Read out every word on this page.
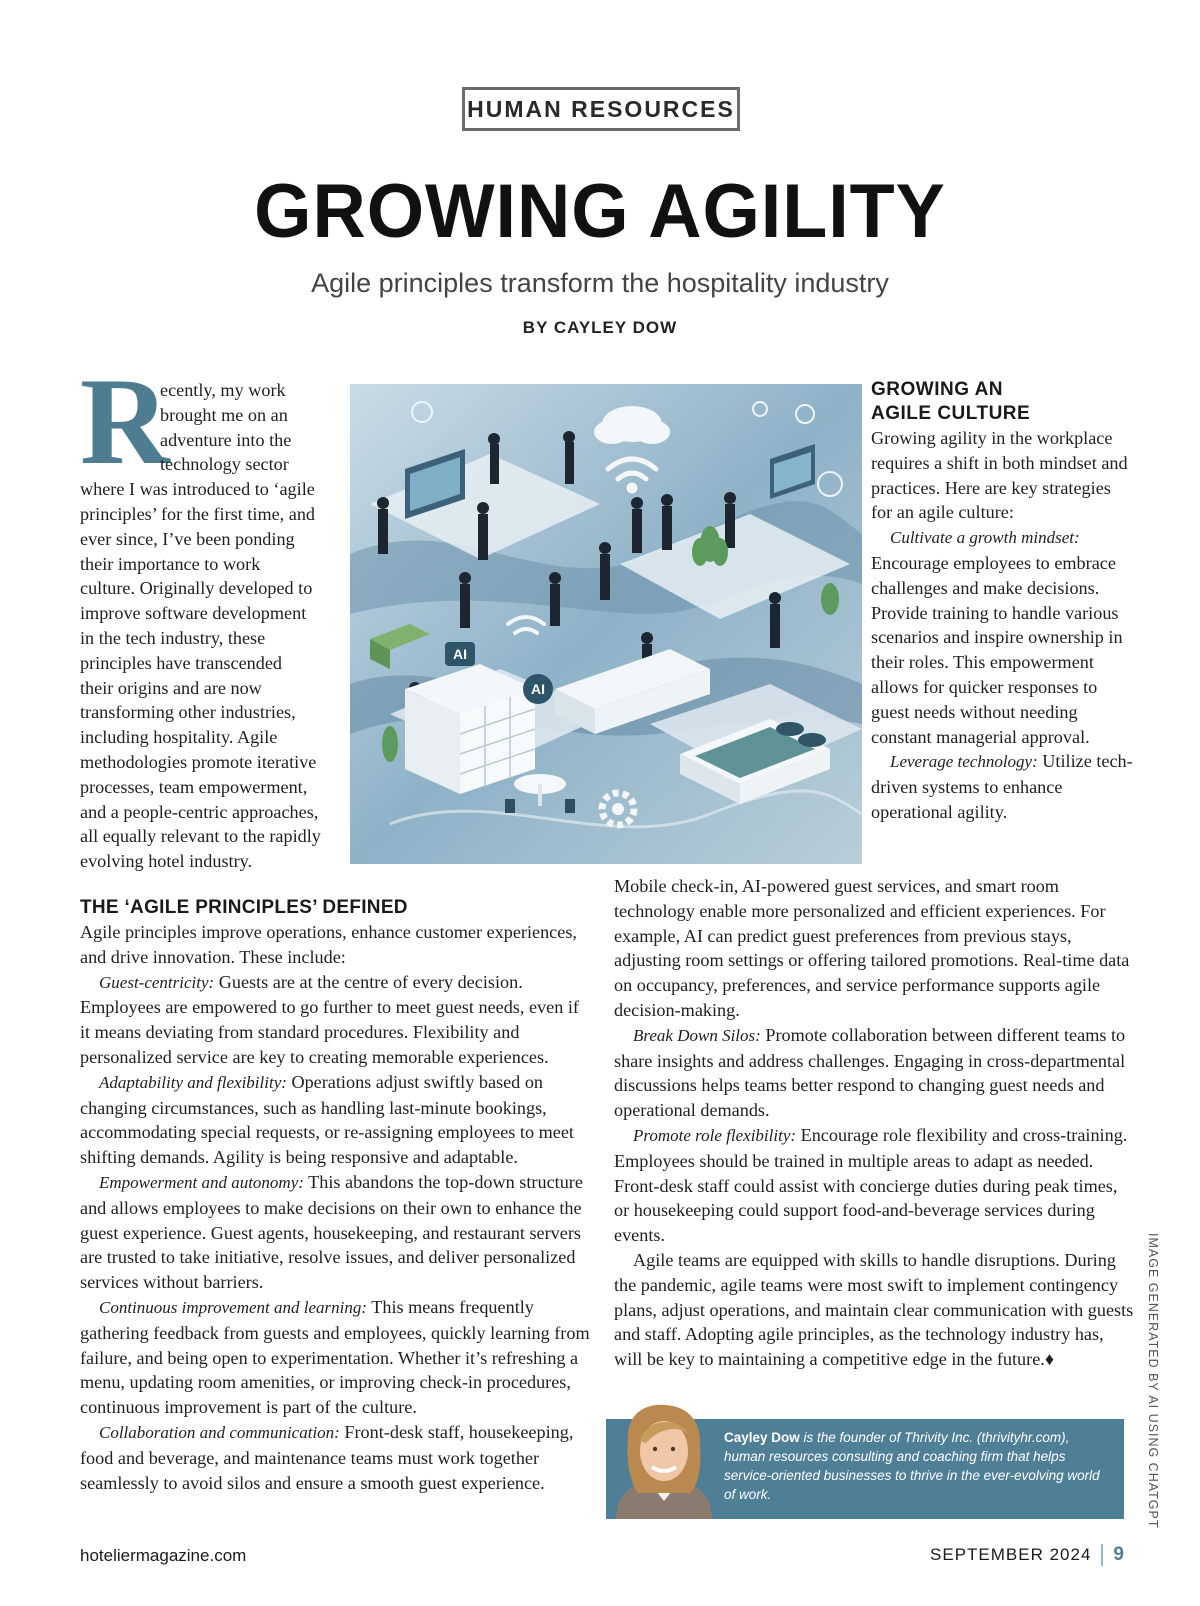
HUMAN RESOURCES
GROWING AGILITY
Agile principles transform the hospitality industry
BY CAYLEY DOW
R
ecently, my work
brought me on an
adventure into the
technology sector
where I was introduced to ‘agile
principles’ for the first time, and
ever since, I’ve been ponding
their importance to work
culture. Originally developed to
improve software development
in the tech industry, these
principles have transcended
their origins and are now
transforming other industries,
including hospitality. Agile
methodologies promote iterative
processes, team empowerment,
and a people-centric approaches,
all equally relevant to the rapidly
evolving hotel industry.
AI
AI
GROWING AN
AGILE CULTURE

Growing agility in the workplace requires a shift in both mindset and practices. Here are key strategies for an agile culture:

Cultivate a growth mindset: Encourage employees to embrace challenges and make decisions. Provide training to handle various scenarios and inspire ownership in their roles. This empowerment allows for quicker responses to guest needs without needing constant managerial approval.

Leverage technology: Utilize tech-driven systems to enhance operational agility.

THE ‘AGILE PRINCIPLES’ DEFINED

Agile principles improve operations, enhance customer experiences, and drive innovation. These include:

Guest-centricity: Guests are at the centre of every decision. Employees are empowered to go further to meet guest needs, even if it means deviating from standard procedures. Flexibility and personalized service are key to creating memorable experiences.

Adaptability and flexibility: Operations adjust swiftly based on changing circumstances, such as handling last-minute bookings, accommodating special requests, or re-assigning employees to meet shifting demands. Agility is being responsive and adaptable.

Empowerment and autonomy: This abandons the top-down structure and allows employees to make decisions on their own to enhance the guest experience. Guest agents, housekeeping, and restaurant servers are trusted to take initiative, resolve issues, and deliver personalized services without barriers.

Continuous improvement and learning: This means frequently gathering feedback from guests and employees, quickly learning from failure, and being open to experimentation. Whether it’s refreshing a menu, updating room amenities, or improving check-in procedures, continuous improvement is part of the culture.

Collaboration and communication: Front-desk staff, housekeeping, food and beverage, and maintenance teams must work together seamlessly to avoid silos and ensure a smooth guest experience.

Mobile check-in, AI-powered guest services, and smart room technology enable more personalized and efficient experiences. For example, AI can predict guest preferences from previous stays, adjusting room settings or offering tailored promotions. Real-time data on occupancy, preferences, and service performance supports agile decision-making.

Break Down Silos: Promote collaboration between different teams to share insights and address challenges. Engaging in cross-departmental discussions helps teams better respond to changing guest needs and operational demands.

Promote role flexibility: Encourage role flexibility and cross-training. Employees should be trained in multiple areas to adapt as needed. Front-desk staff could assist with concierge duties during peak times, or housekeeping could support food-and-beverage services during events.

Agile teams are equipped with skills to handle disruptions. During the pandemic, agile teams were most swift to implement contingency plans, adjust operations, and maintain clear communication with guests and staff. Adopting agile principles, as the technology industry has, will be key to maintaining a competitive edge in the future.♦

Cayley Dow is the founder of Thrivity Inc. (thrivityhr.com), human resources consulting and coaching firm that helps service-oriented businesses to thrive in the ever-evolving world of work.	IMAGE GENERATED BY AI USING CHATGPT
hoteliermagazine.com	SEPTEMBER 2024 9
